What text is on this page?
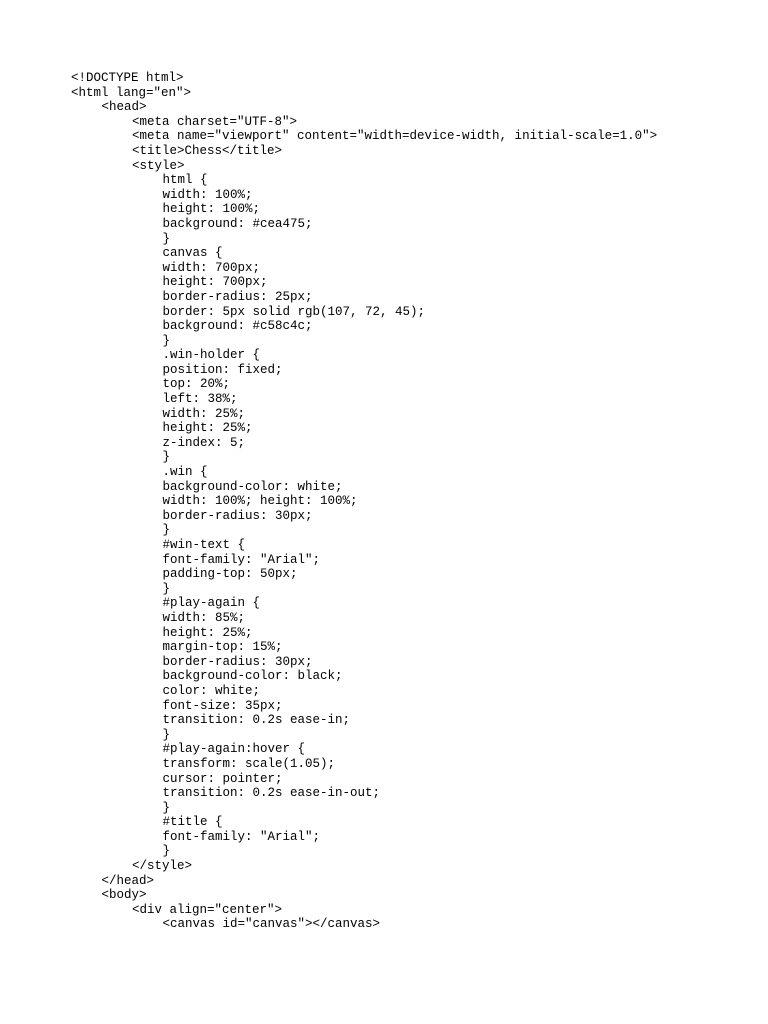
<!DOCTYPE html>
<html lang="en">
<head>
<meta charset="UTF-8">
<meta name="viewport" content="width=device-width, initial-scale=1.0">
<title>Chess</title>
<style>
html {
width: 100%;
height: 100%;
background: #cea475;
}
canvas {
width: 700px;
height: 700px;
border-radius: 25px;
border: 5px solid rgb(107, 72, 45);
background: #c58c4c;
}
.win-holder {
position: fixed;
top: 20%;
left: 38%;
width: 25%;
height: 25%;
z-index: 5;
}
.win {
background-color: white;
width: 100%; height: 100%;
border-radius: 30px;
}
#win-text {
font-family: "Arial";
padding-top: 50px;
}
#play-again {
width: 85%;
height: 25%;
margin-top: 15%;
border-radius: 30px;
background-color: black;
color: white;
font-size: 35px;
transition: 0.2s ease-in;
}
#play-again:hover {
transform: scale(1.05);
cursor: pointer;
transition: 0.2s ease-in-out;
}
#title {
font-family: "Arial";
}
</style>
</head>
<body>
<div align="center">
<canvas id="canvas"></canvas>
